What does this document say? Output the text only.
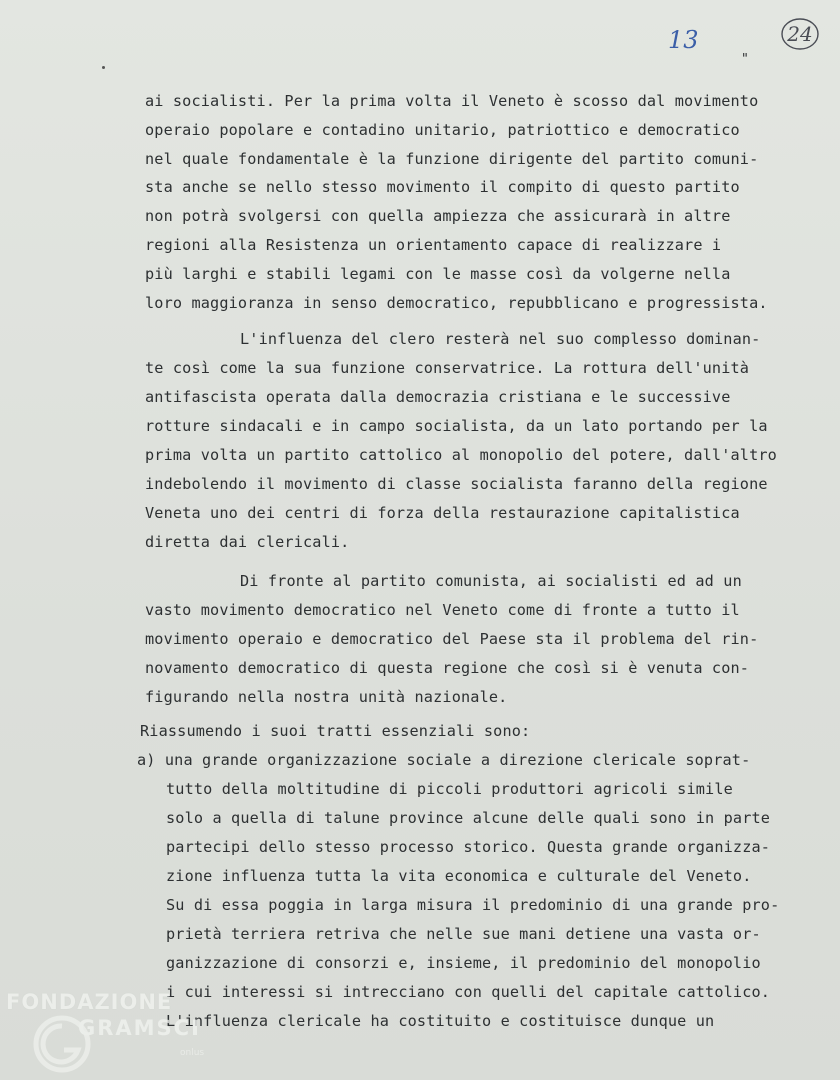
13	24
"
ai socialisti. Per la prima volta il Veneto è scosso dal movimento
operaio popolare e contadino unitario, patriottico e democratico
nel quale fondamentale è la funzione dirigente del partito comuni-
sta anche se nello stesso movimento il compito di questo partito
non potrà svolgersi con quella ampiezza che assicurarà in altre
regioni alla Resistenza un orientamento capace di realizzare i
più larghi e stabili legami con le masse così da volgerne nella
loro maggioranza in senso democratico, repubblicano e progressista.
L'influenza del clero resterà nel suo complesso dominan-
te così come la sua funzione conservatrice. La rottura dell'unità
antifascista operata dalla democrazia cristiana e le successive
rotture sindacali e in campo socialista, da un lato portando per la
prima volta un partito cattolico al monopolio del potere, dall'altro
indebolendo il movimento di classe socialista faranno della regione
Veneta uno dei centri di forza della restaurazione capitalistica
diretta dai clericali.
Di fronte al partito comunista, ai socialisti ed ad un
vasto movimento democratico nel Veneto come di fronte a tutto il
movimento operaio e democratico del Paese sta il problema del rin-
novamento democratico di questa regione che così si è venuta con-
figurando nella nostra unità nazionale.
Riassumendo i suoi tratti essenziali sono:
a) una grande organizzazione sociale a direzione clericale soprat-
tutto della moltitudine di piccoli produttori agricoli simile
solo a quella di talune province alcune delle quali sono in parte
partecipi dello stesso processo storico. Questa grande organizza-
zione influenza tutta la vita economica e culturale del Veneto.
Su di essa poggia in larga misura il predominio di una grande pro-
prietà terriera retriva che nelle sue mani detiene una vasta or-
ganizzazione di consorzi e, insieme, il predominio del monopolio
i cui interessi si intrecciano con quelli del capitale cattolico.
L'influenza clericale ha costituito e costituisce dunque un
FONDAZIONE
GRAMSCI
onlus
